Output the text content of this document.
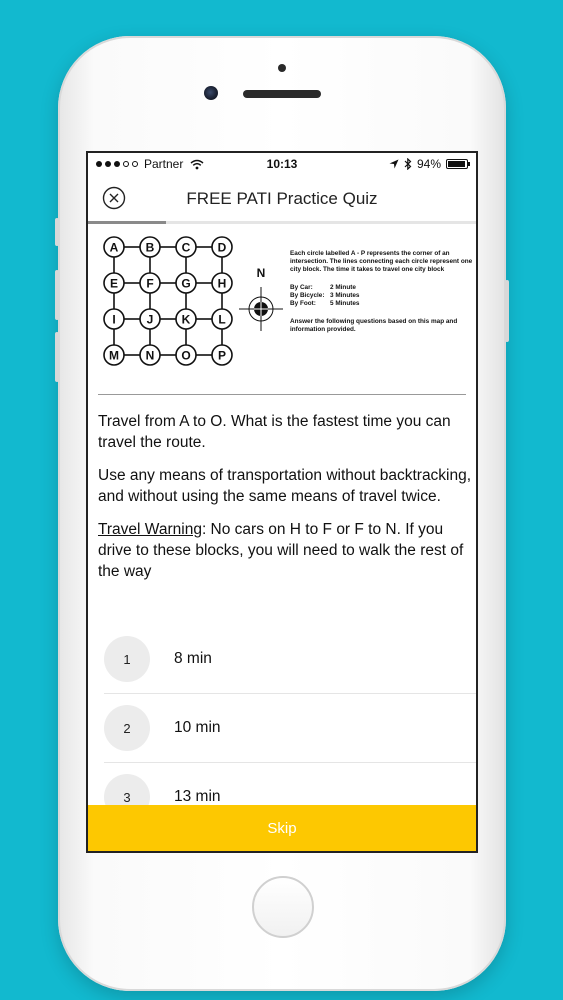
Partner	10:13	94%
FREE PATI Practice Quiz
A B C D
E F G H
I	J K L
M N O P
N

Each circle labelled A - P represents the corner of an intersection. The lines connecting each circle represent one city block. The time it takes to travel one city block

By Car:	2 Minute
By Bicycle: 3 Minutes
By Foot:	5 Minutes

Answer the following questions based on this map and information provided.

Travel from A to O. What is the fastest time you can travel the route.

Use any means of transportation without backtracking, and without using the same means of travel twice.

Travel Warning: No cars on H to F or F to N. If you drive to these blocks, you will need to walk the rest of the way

1	8 min
2	10 min
3	13 min
Skip
